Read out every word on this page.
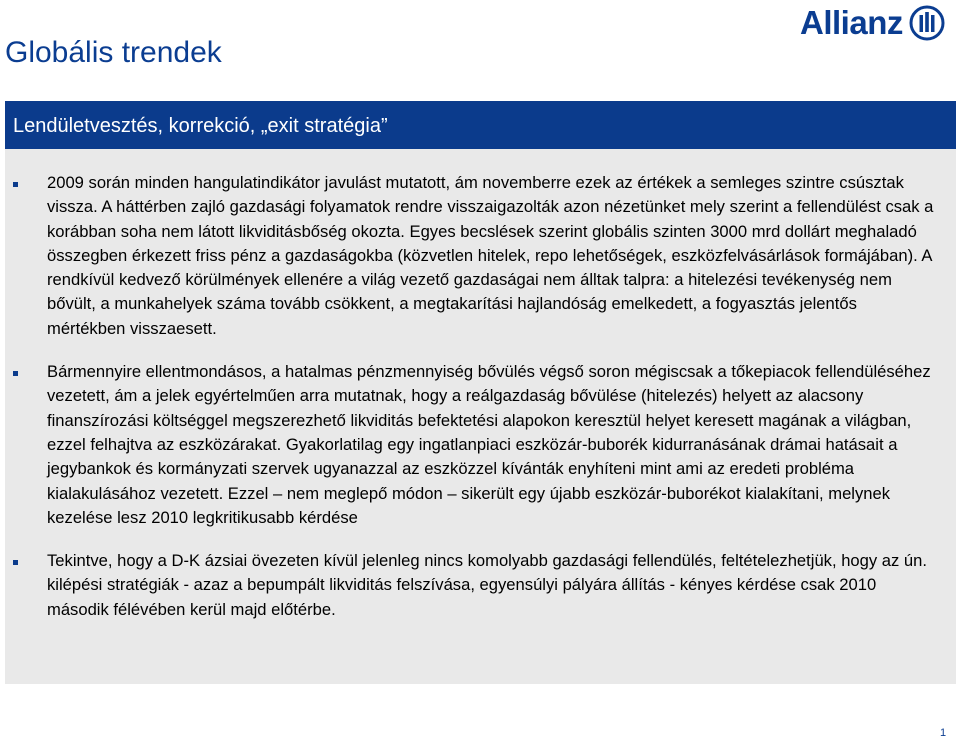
Globális trendek
Allianz
Lendületvesztés, korrekció, „exit stratégia”
2009 során minden hangulatindikátor javulást mutatott, ám novemberre ezek az értékek a semleges szintre csúsztak vissza. A háttérben zajló gazdasági folyamatok rendre visszaigazolták azon nézetünket mely szerint a fellendülést csak a korábban soha nem látott likviditásbőség okozta. Egyes becslések szerint globális szinten 3000 mrd dollárt meghaladó összegben érkezett friss pénz a gazdaságokba (közvetlen hitelek, repo lehetőségek, eszközfelvásárlások formájában). A rendkívül kedvező körülmények ellenére a világ vezető gazdaságai nem álltak talpra: a hitelezési tevékenység nem bővült, a munkahelyek száma tovább csökkent, a megtakarítási hajlandóság emelkedett, a fogyasztás jelentős mértékben visszaesett.
Bármennyire ellentmondásos, a hatalmas pénzmennyiség bővülés végső soron mégiscsak a tőkepiacok fellendüléséhez vezetett, ám a jelek egyértelműen arra mutatnak, hogy a reálgazdaság bővülése (hitelezés) helyett az alacsony finanszírozási költséggel megszerezhető likviditás befektetési alapokon keresztül helyet keresett magának a világban, ezzel felhajtva az eszközárakat. Gyakorlatilag egy ingatlanpiaci eszközár-buborék kidurranásának drámai hatásait a jegybankok és kormányzati szervek ugyanazzal az eszközzel kívánták enyhíteni mint ami az eredeti probléma kialakulásához vezetett. Ezzel – nem meglepő módon – sikerült egy újabb eszközár-buborékot kialakítani, melynek kezelése lesz 2010 legkritikusabb kérdése
Tekintve, hogy a D-K ázsiai övezeten kívül jelenleg nincs komolyabb gazdasági fellendülés, feltételezhetjük, hogy az ún. kilépési stratégiák - azaz a bepumpált likviditás felszívása, egyensúlyi pályára állítás - kényes kérdése csak 2010 második félévében kerül majd előtérbe.
1
